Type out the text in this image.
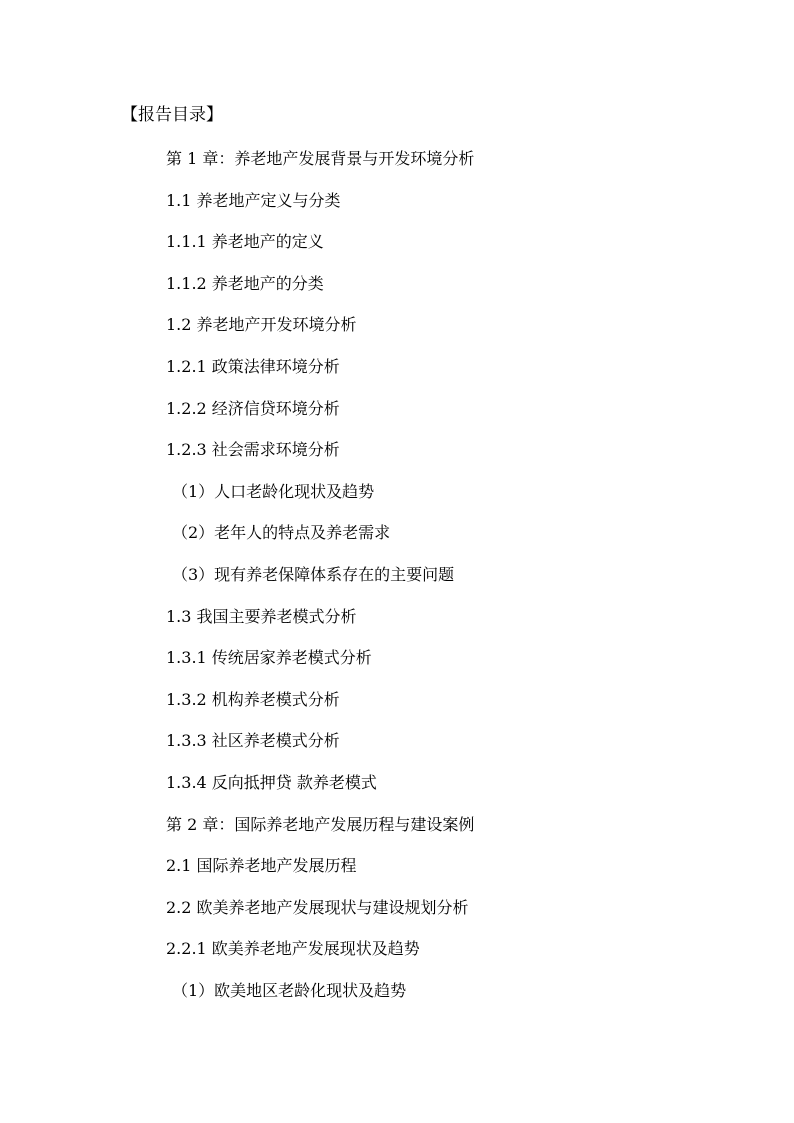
【报告目录】
第 1 章：养老地产发展背景与开发环境分析
1.1 养老地产定义与分类
1.1.1 养老地产的定义
1.1.2 养老地产的分类
1.2 养老地产开发环境分析
1.2.1 政策法律环境分析
1.2.2 经济信贷环境分析
1.2.3 社会需求环境分析
（1）人口老龄化现状及趋势
（2）老年人的特点及养老需求
（3）现有养老保障体系存在的主要问题
1.3 我国主要养老模式分析
1.3.1 传统居家养老模式分析
1.3.2 机构养老模式分析
1.3.3 社区养老模式分析
1.3.4 反向抵押贷 款养老模式
第 2 章：国际养老地产发展历程与建设案例
2.1 国际养老地产发展历程
2.2 欧美养老地产发展现状与建设规划分析
2.2.1 欧美养老地产发展现状及趋势
（1）欧美地区老龄化现状及趋势
